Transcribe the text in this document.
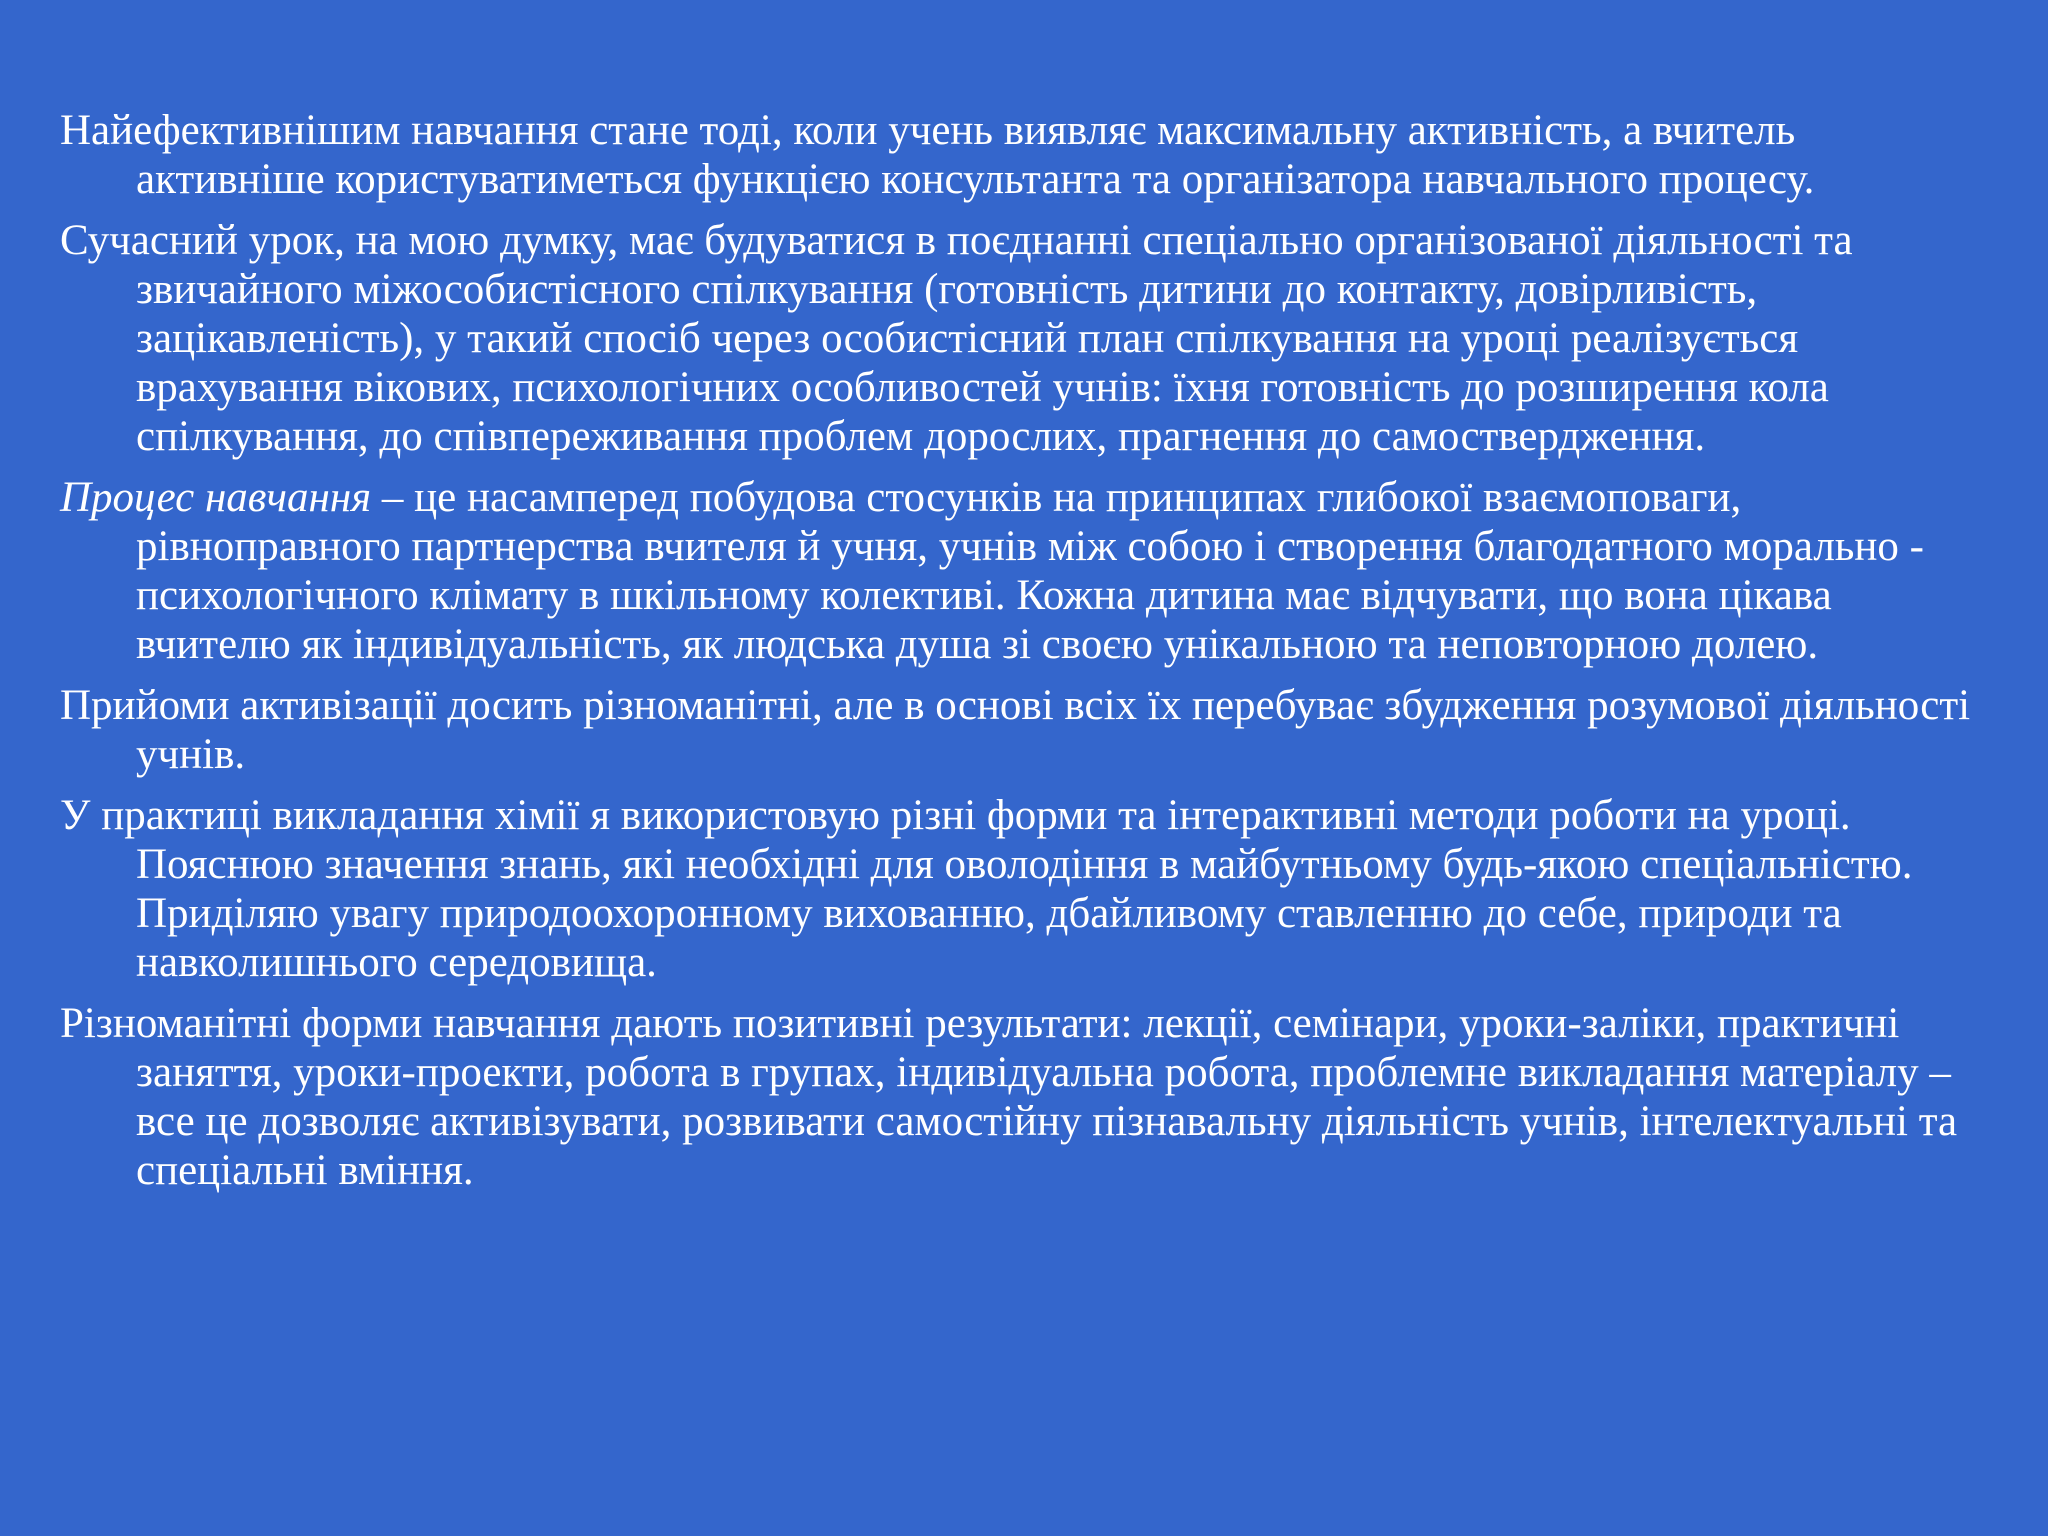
Найефективнішим навчання стане тоді, коли учень виявляє максимальну активність, а вчитель активніше користуватиметься функцією консультанта та організатора навчального процесу.

Сучасний урок, на мою думку, має будуватися в поєднанні спеціально організованої діяльності та звичайного міжособистісного спілкування (готовність дитини до контакту, довірливість, зацікавленість), у такий спосіб через особистісний план спілкування на уроці реалізується врахування вікових, психологічних особливостей учнів: їхня готовність до розширення кола спілкування, до співпереживання проблем дорослих, прагнення до самоствердження.

Процес навчання – це насамперед побудова стосунків на принципах глибокої взаємоповаги, рівноправного партнерства вчителя й учня, учнів між собою і створення благодатного морально - психологічного клімату в шкільному колективі. Кожна дитина має відчувати, що вона цікава вчителю як індивідуальність, як людська душа зі своєю унікальною та неповторною долею.

Прийоми активізації досить різноманітні, але в основі всіх їх перебуває збудження розумової діяльності учнів.

У практиці викладання хімії я використовую різні форми та інтерактивні методи роботи на уроці. Пояснюю значення знань, які необхідні для оволодіння в майбутньому будь-якою спеціальністю. Приділяю увагу природоохоронному вихованню, дбайливому ставленню до себе, природи та навколишнього середовища.

Різноманітні форми навчання дають позитивні результати: лекції, семінари, уроки-заліки, практичні заняття, уроки-проекти, робота в групах, індивідуальна робота, проблемне викладання матеріалу – все це дозволяє активізувати, розвивати самостійну пізнавальну діяльність учнів, інтелектуальні та спеціальні вміння.
